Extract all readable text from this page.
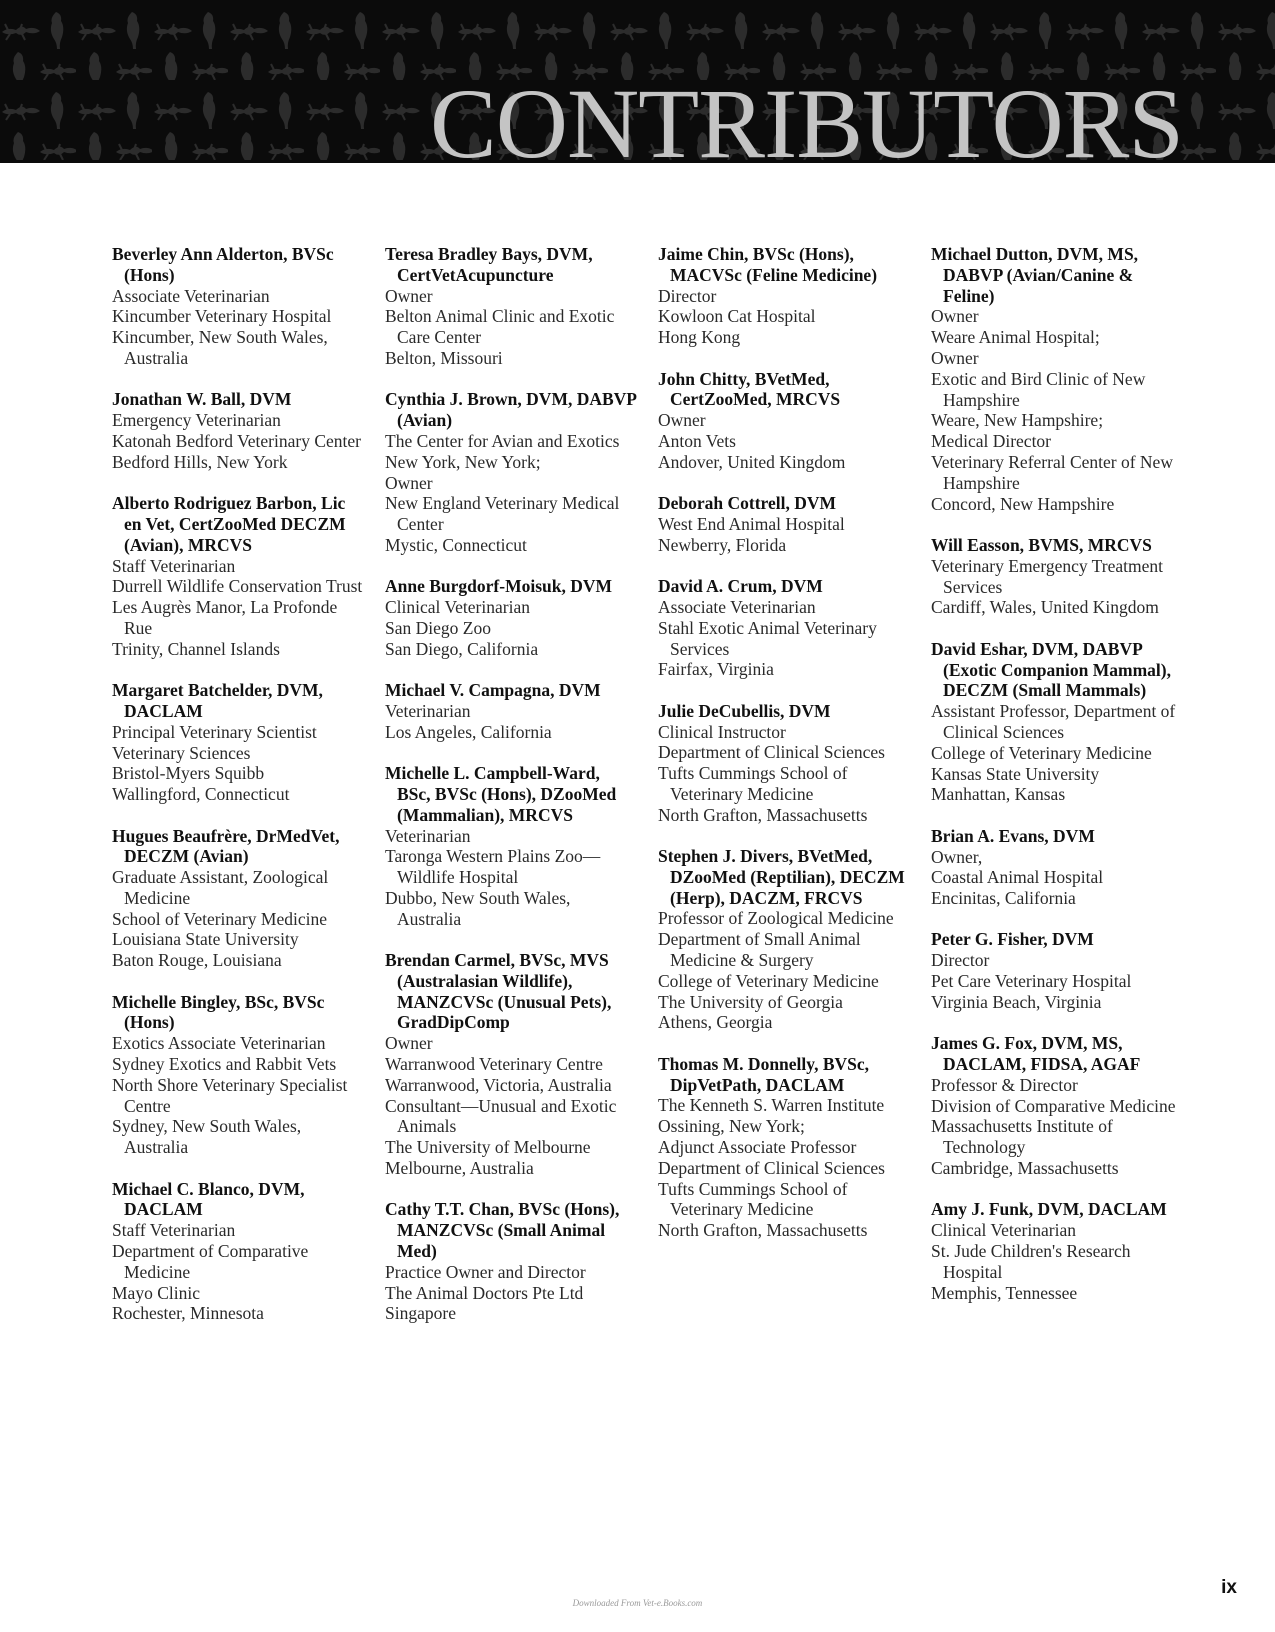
CONTRIBUTORS
Beverley Ann Alderton, BVSc (Hons)
Associate Veterinarian
Kincumber Veterinary Hospital
Kincumber, New South Wales, Australia
Jonathan W. Ball, DVM
Emergency Veterinarian
Katonah Bedford Veterinary Center
Bedford Hills, New York
Alberto Rodriguez Barbon, Lic en Vet, CertZooMed DECZM (Avian), MRCVS
Staff Veterinarian
Durrell Wildlife Conservation Trust
Les Augrès Manor, La Profonde Rue
Trinity, Channel Islands
Margaret Batchelder, DVM, DACLAM
Principal Veterinary Scientist
Veterinary Sciences
Bristol-Myers Squibb
Wallingford, Connecticut
Hugues Beaufrère, DrMedVet, DECZM (Avian)
Graduate Assistant, Zoological Medicine
School of Veterinary Medicine
Louisiana State University
Baton Rouge, Louisiana
Michelle Bingley, BSc, BVSc (Hons)
Exotics Associate Veterinarian
Sydney Exotics and Rabbit Vets
North Shore Veterinary Specialist Centre
Sydney, New South Wales, Australia
Michael C. Blanco, DVM, DACLAM
Staff Veterinarian
Department of Comparative Medicine
Mayo Clinic
Rochester, Minnesota
Teresa Bradley Bays, DVM, CertVetAcupuncture
Owner
Belton Animal Clinic and Exotic Care Center
Belton, Missouri
Cynthia J. Brown, DVM, DABVP (Avian)
The Center for Avian and Exotics
New York, New York;
Owner
New England Veterinary Medical Center
Mystic, Connecticut
Anne Burgdorf-Moisuk, DVM
Clinical Veterinarian
San Diego Zoo
San Diego, California
Michael V. Campagna, DVM
Veterinarian
Los Angeles, California
Michelle L. Campbell-Ward, BSc, BVSc (Hons), DZooMed (Mammalian), MRCVS
Veterinarian
Taronga Western Plains Zoo—Wildlife Hospital
Dubbo, New South Wales, Australia
Brendan Carmel, BVSc, MVS (Australasian Wildlife), MANZCVSc (Unusual Pets), GradDipComp
Owner
Warranwood Veterinary Centre
Warranwood, Victoria, Australia
Consultant—Unusual and Exotic Animals
The University of Melbourne
Melbourne, Australia
Cathy T.T. Chan, BVSc (Hons), MANZCVSc (Small Animal Med)
Practice Owner and Director
The Animal Doctors Pte Ltd
Singapore
Jaime Chin, BVSc (Hons), MACVSc (Feline Medicine)
Director
Kowloon Cat Hospital
Hong Kong
John Chitty, BVetMed, CertZooMed, MRCVS
Owner
Anton Vets
Andover, United Kingdom
Deborah Cottrell, DVM
West End Animal Hospital
Newberry, Florida
David A. Crum, DVM
Associate Veterinarian
Stahl Exotic Animal Veterinary Services
Fairfax, Virginia
Julie DeCubellis, DVM
Clinical Instructor
Department of Clinical Sciences
Tufts Cummings School of Veterinary Medicine
North Grafton, Massachusetts
Stephen J. Divers, BVetMed, DZooMed (Reptilian), DECZM (Herp), DACZM, FRCVS
Professor of Zoological Medicine
Department of Small Animal Medicine & Surgery
College of Veterinary Medicine
The University of Georgia
Athens, Georgia
Thomas M. Donnelly, BVSc, DipVetPath, DACLAM
The Kenneth S. Warren Institute
Ossining, New York;
Adjunct Associate Professor
Department of Clinical Sciences
Tufts Cummings School of Veterinary Medicine
North Grafton, Massachusetts
Michael Dutton, DVM, MS, DABVP (Avian/Canine & Feline)
Owner
Weare Animal Hospital;
Owner
Exotic and Bird Clinic of New Hampshire
Weare, New Hampshire;
Medical Director
Veterinary Referral Center of New Hampshire
Concord, New Hampshire
Will Easson, BVMS, MRCVS
Veterinary Emergency Treatment Services
Cardiff, Wales, United Kingdom
David Eshar, DVM, DABVP (Exotic Companion Mammal), DECZM (Small Mammals)
Assistant Professor, Department of Clinical Sciences
College of Veterinary Medicine
Kansas State University
Manhattan, Kansas
Brian A. Evans, DVM
Owner,
Coastal Animal Hospital
Encinitas, California
Peter G. Fisher, DVM
Director
Pet Care Veterinary Hospital
Virginia Beach, Virginia
James G. Fox, DVM, MS, DACLAM, FIDSA, AGAF
Professor & Director
Division of Comparative Medicine
Massachusetts Institute of Technology
Cambridge, Massachusetts
Amy J. Funk, DVM, DACLAM
Clinical Veterinarian
St. Jude Children's Research Hospital
Memphis, Tennessee
ix
Downloaded From Vet-e.Books.com
